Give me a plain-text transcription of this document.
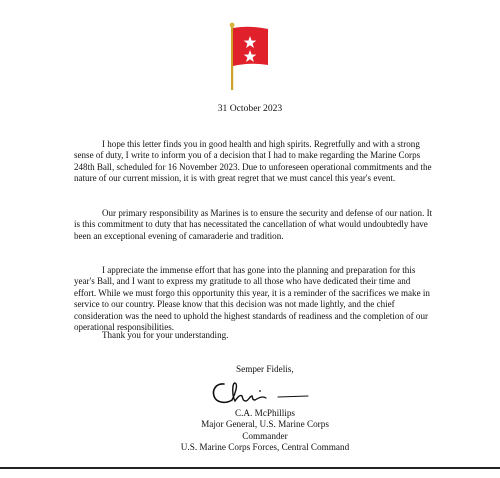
31 October 2023

I hope this letter finds you in good health and high spirits. Regretfully and with a strong sense of duty, I write to inform you of a decision that I had to make regarding the Marine Corps 248th Ball, scheduled for 16 November 2023. Due to unforeseen operational commitments and the nature of our current mission, it is with great regret that we must cancel this year's event.

Our primary responsibility as Marines is to ensure the security and defense of our nation. It is this commitment to duty that has necessitated the cancellation of what would undoubtedly have been an exceptional evening of camaraderie and tradition.

I appreciate the immense effort that has gone into the planning and preparation for this year's Ball, and I want to express my gratitude to all those who have dedicated their time and effort. While we must forgo this opportunity this year, it is a reminder of the sacrifices we make in service to our country. Please know that this decision was not made lightly, and the chief consideration was the need to uphold the highest standards of readiness and the completion of our operational responsibilities.

Thank you for your understanding.

Semper Fidelis,
C.A. McPhillips
Major General, U.S. Marine Corps
Commander
U.S. Marine Corps Forces, Central Command
